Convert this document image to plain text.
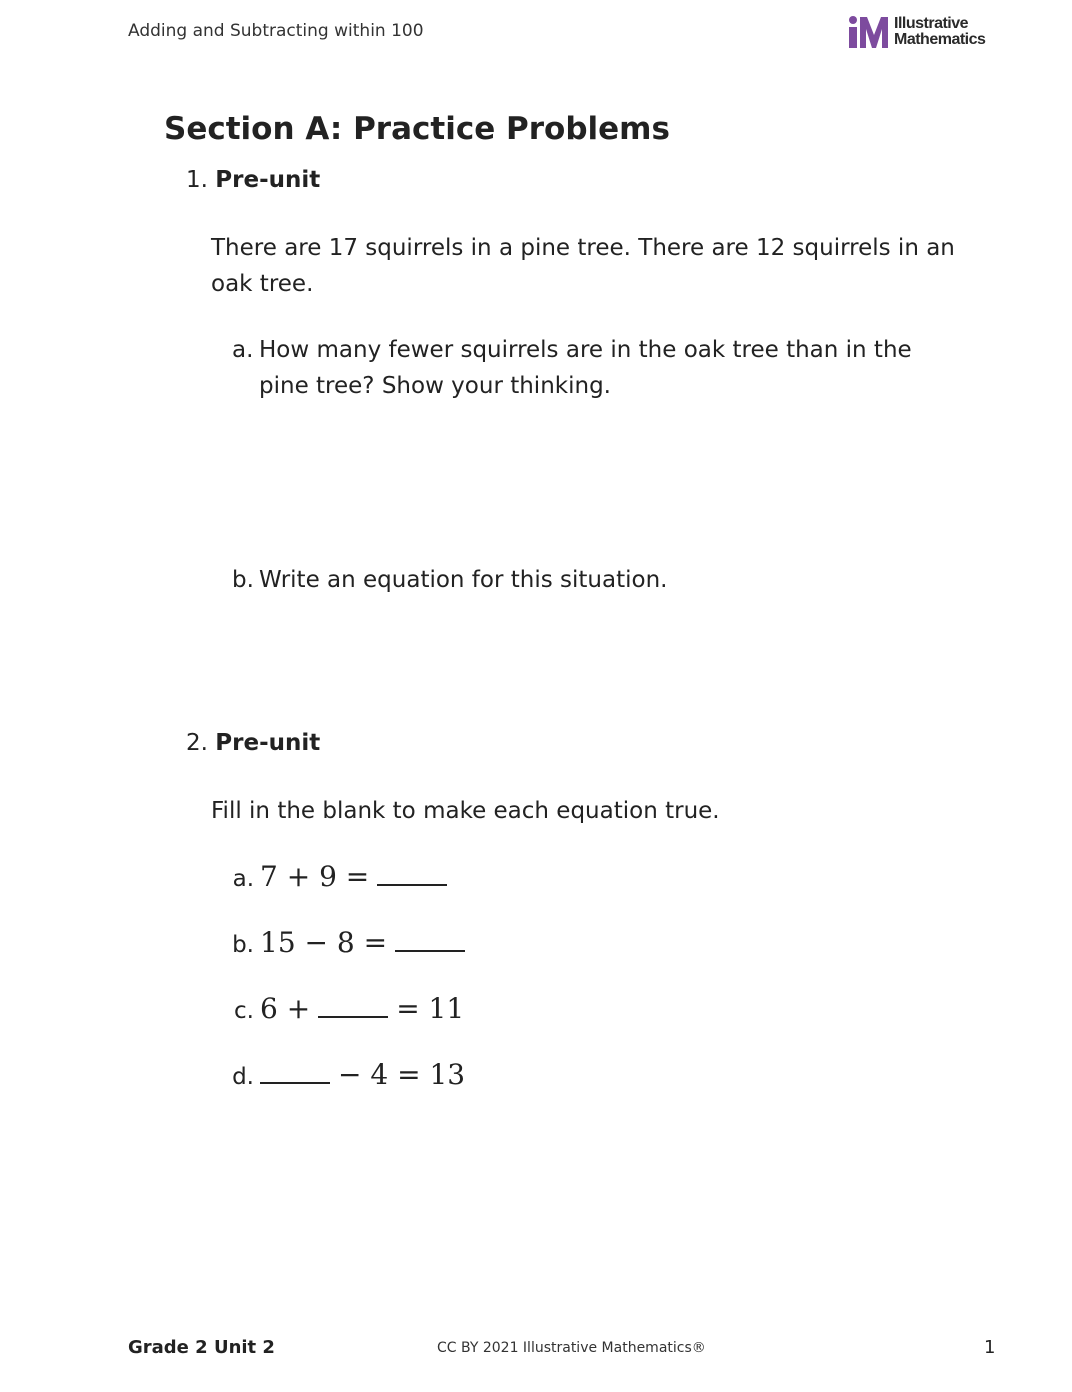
Adding and Subtracting within 100	Illustrative
Mathematics
Section A: Practice Problems
1. Pre-unit
There are 17 squirrels in a pine tree. There are 12 squirrels in an oak tree.
a. How many fewer squirrels are in the oak tree than in the pine tree? Show your thinking.
b. Write an equation for this situation.
2. Pre-unit
Fill in the blank to make each equation true.
a. 7 + 9 =
b. 15 − 8 =
c. 6 +	= 11
d.	− 4 = 13
Grade 2 Unit 2	CC BY 2021 Illustrative Mathematics®	1
